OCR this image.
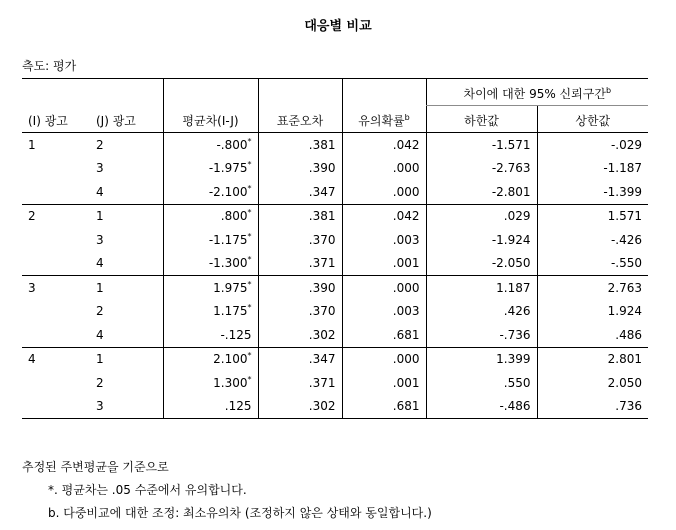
대응별 비교
측도: 평가
					차이에 대한 95% 신뢰구간$^b$
(I) 광고	(J) 광고	평균차(I-J)	표준오차	유의확률$^b$	하한값	상한값
1	2	-.800*	.381	.042	-1.571	-.029
	3	-1.975*	.390	.000	-2.763	-1.187
	4	-2.100*	.347	.000	-2.801	-1.399
2	1	.800*	.381	.042	.029	1.571
	3	-1.175*	.370	.003	-1.924	-.426
	4	-1.300*	.371	.001	-2.050	-.550
3	1	1.975*	.390	.000	1.187	2.763
	2	1.175*	.370	.003	.426	1.924
	4	-.125	.302	.681	-.736	.486
4	1	2.100*	.347	.000	1.399	2.801
	2	1.300*	.371	.001	.550	2.050
	3	.125	.302	.681	-.486	.736
추정된 주변평균을 기준으로
*. 평균차는 .05 수준에서 유의합니다.
b. 다중비교에 대한 조정: 최소유의차 (조정하지 않은 상태와 동일합니다.)
